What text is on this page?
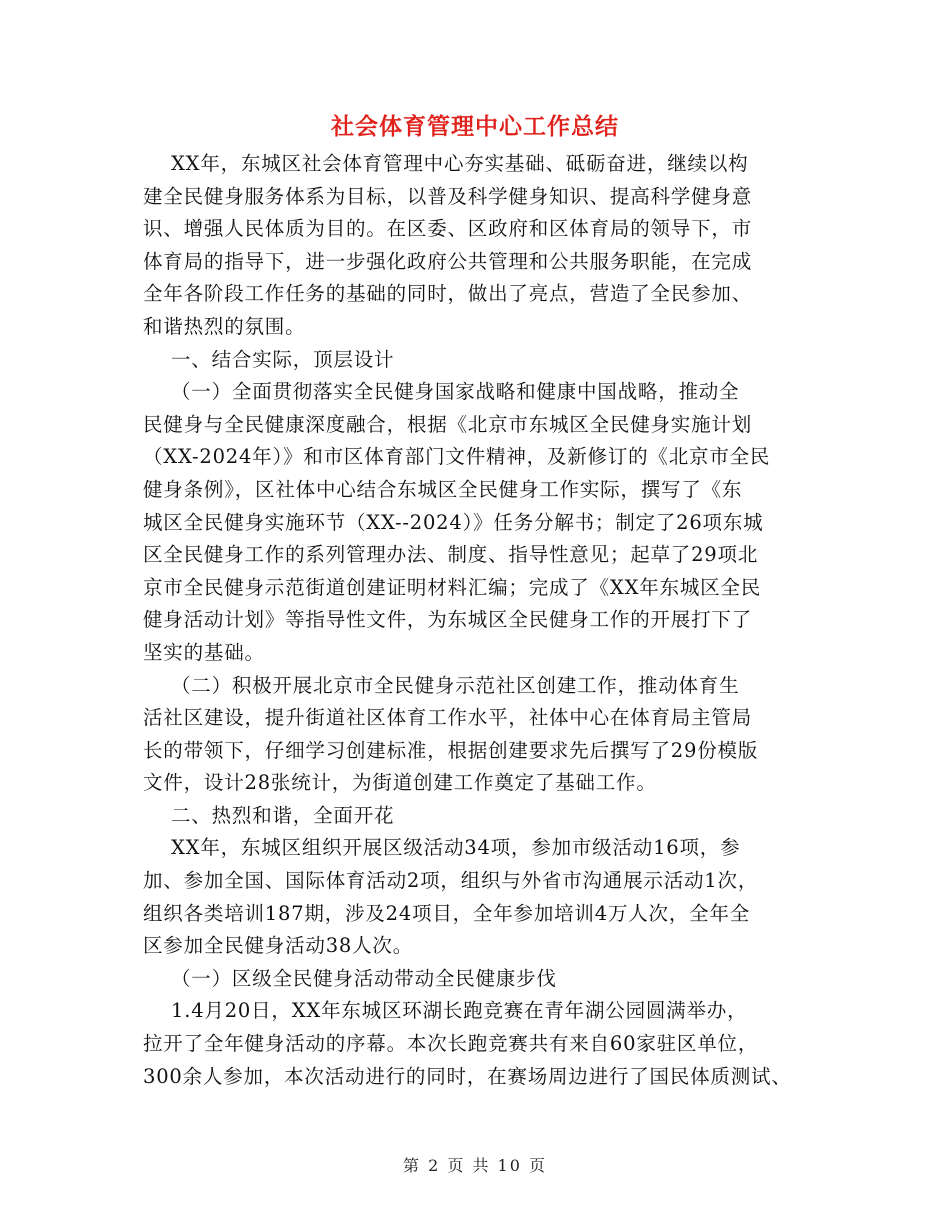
社会体育管理中心工作总结
XX年，东城区社会体育管理中心夯实基础、砥砺奋进，继续以构
建全民健身服务体系为目标，以普及科学健身知识、提高科学健身意
识、增强人民体质为目的。在区委、区政府和区体育局的领导下，市
体育局的指导下，进一步强化政府公共管理和公共服务职能，在完成
全年各阶段工作任务的基础的同时，做出了亮点，营造了全民参加、
和谐热烈的氛围。
一、结合实际，顶层设计
（一）全面贯彻落实全民健身国家战略和健康中国战略，推动全
民健身与全民健康深度融合，根据《北京市东城区全民健身实施计划
（XX-2024年）》和市区体育部门文件精神，及新修订的《北京市全民
健身条例》，区社体中心结合东城区全民健身工作实际，撰写了《东
城区全民健身实施环节（XX--2024）》任务分解书；制定了26项东城
区全民健身工作的系列管理办法、制度、指导性意见；起草了29项北
京市全民健身示范街道创建证明材料汇编；完成了《XX年东城区全民
健身活动计划》等指导性文件，为东城区全民健身工作的开展打下了
坚实的基础。
（二）积极开展北京市全民健身示范社区创建工作，推动体育生
活社区建设，提升街道社区体育工作水平，社体中心在体育局主管局
长的带领下，仔细学习创建标准，根据创建要求先后撰写了29份模版
文件，设计28张统计，为街道创建工作奠定了基础工作。
二、热烈和谐，全面开花
XX年，东城区组织开展区级活动34项，参加市级活动16项，参
加、参加全国、国际体育活动2项，组织与外省市沟通展示活动1次，
组织各类培训187期，涉及24项目，全年参加培训4万人次，全年全
区参加全民健身活动38人次。
（一）区级全民健身活动带动全民健康步伐
1.4月20日，XX年东城区环湖长跑竞赛在青年湖公园圆满举办，
拉开了全年健身活动的序幕。本次长跑竞赛共有来自60家驻区单位，
300余人参加，本次活动进行的同时，在赛场周边进行了国民体质测试、
第 2 页 共 10 页
